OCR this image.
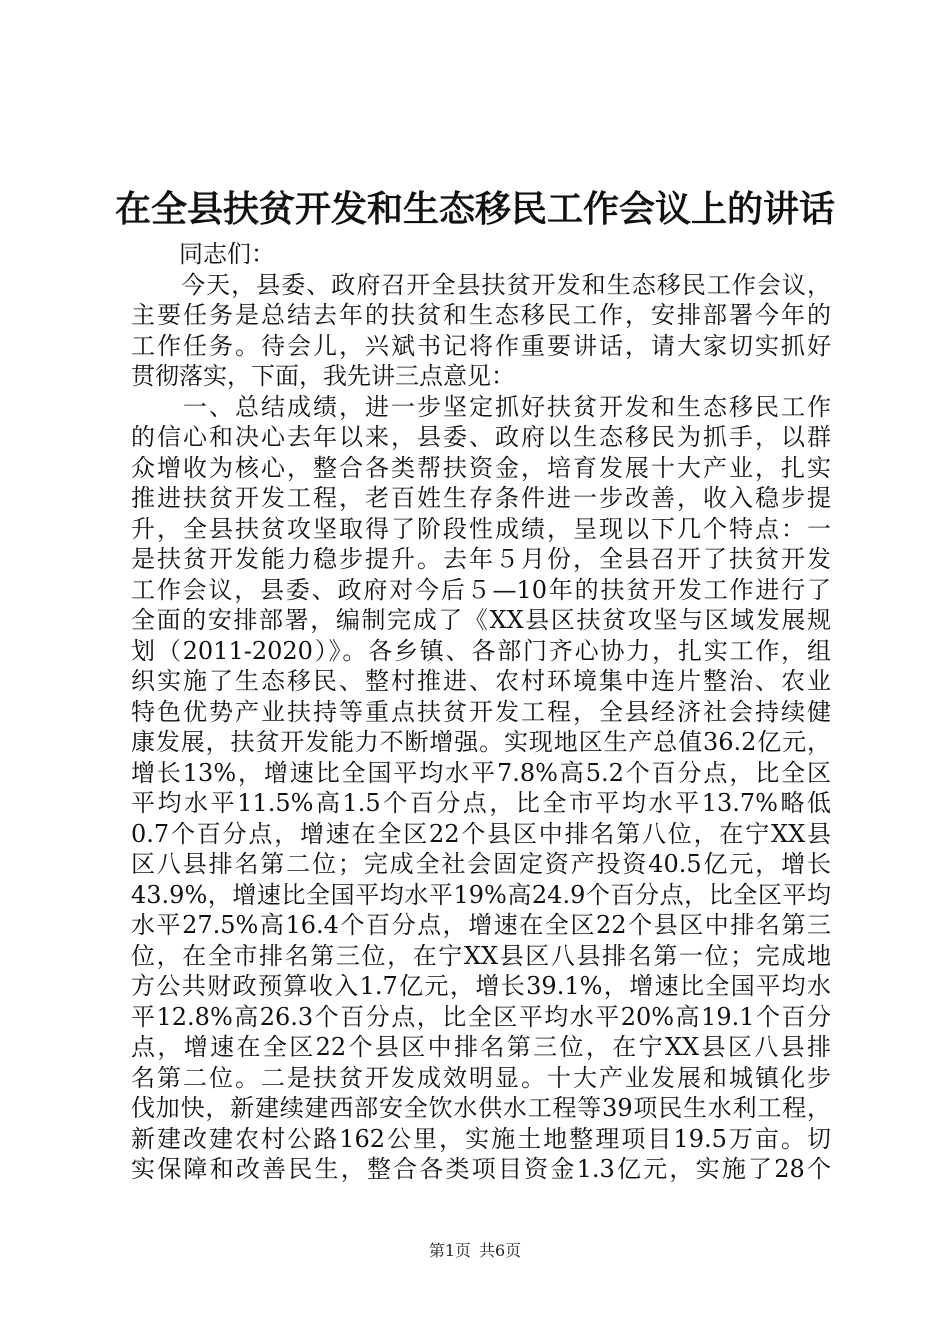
在全县扶贫开发和生态移民工作会议上的讲话
同志们：
　　今天，县委、政府召开全县扶贫开发和生态移民工作会议，
主要任务是总结去年的扶贫和生态移民工作，安排部署今年的
工作任务。待会儿，兴斌书记将作重要讲话，请大家切实抓好
贯彻落实，下面，我先讲三点意见：
　　一、总结成绩，进一步坚定抓好扶贫开发和生态移民工作
的信心和决心去年以来，县委、政府以生态移民为抓手，以群
众增收为核心，整合各类帮扶资金，培育发展十大产业，扎实
推进扶贫开发工程，老百姓生存条件进一步改善，收入稳步提
升，全县扶贫攻坚取得了阶段性成绩，呈现以下几个特点：一
是扶贫开发能力稳步提升。去年５月份，全县召开了扶贫开发
工作会议，县委、政府对今后５—10年的扶贫开发工作进行了
全面的安排部署，编制完成了《XX县区扶贫攻坚与区域发展规
划（2011-2020）》。各乡镇、各部门齐心协力，扎实工作，组
织实施了生态移民、整村推进、农村环境集中连片整治、农业
特色优势产业扶持等重点扶贫开发工程，全县经济社会持续健
康发展，扶贫开发能力不断增强。实现地区生产总值36.2亿元，
增长13%，增速比全国平均水平7.8%高5.2个百分点，比全区
平均水平11.5%高1.5个百分点，比全市平均水平13.7%略低
0.7个百分点，增速在全区22个县区中排名第八位，在宁XX县
区八县排名第二位；完成全社会固定资产投资40.5亿元，增长
43.9%，增速比全国平均水平19%高24.9个百分点，比全区平均
水平27.5%高16.4个百分点，增速在全区22个县区中排名第三
位，在全市排名第三位，在宁XX县区八县排名第一位；完成地
方公共财政预算收入1.7亿元，增长39.1%，增速比全国平均水
平12.8%高26.3个百分点，比全区平均水平20%高19.1个百分
点，增速在全区22个县区中排名第三位，在宁XX县区八县排
名第二位。二是扶贫开发成效明显。十大产业发展和城镇化步
伐加快，新建续建西部安全饮水供水工程等39项民生水利工程，
新建改建农村公路162公里，实施土地整理项目19.5万亩。切
实保障和改善民生，整合各类项目资金1.3亿元，实施了28个
第1页 共6页
